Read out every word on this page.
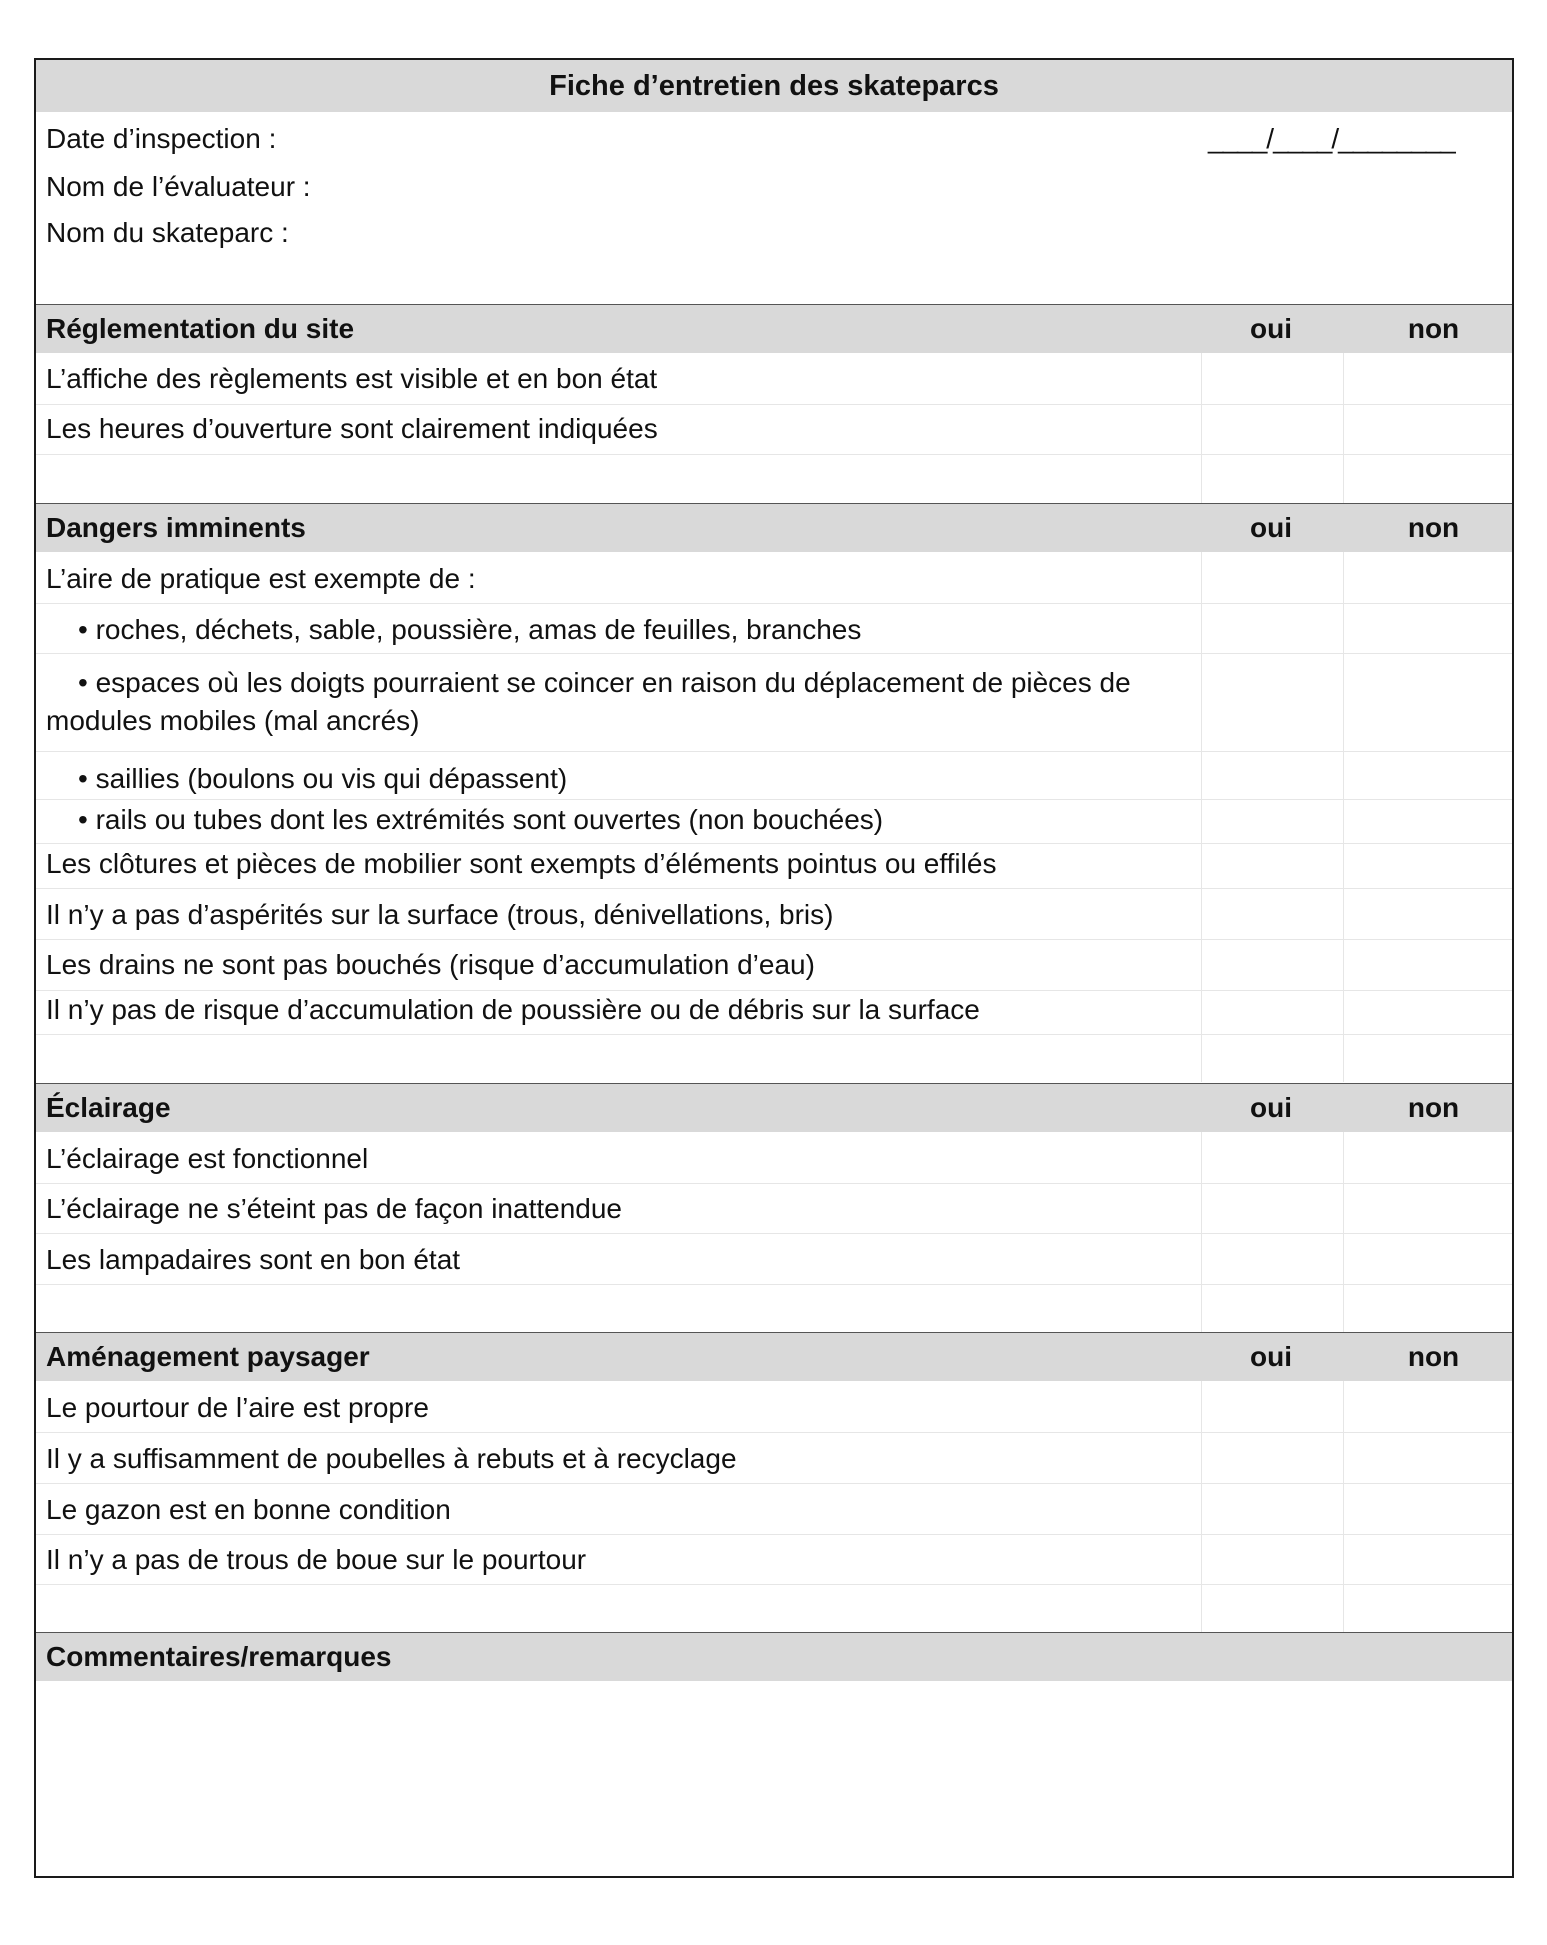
Fiche d’entretien des skateparcs
Date d’inspection :	____/____/________
Nom de l’évaluateur :
Nom du skateparc :
Réglementation du site	oui	non
L’affiche des règlements est visible et en bon état
Les heures d’ouverture sont clairement indiquées
Dangers imminents	oui	non
L’aire de pratique est exempte de :
• roches, déchets, sable, poussière, amas de feuilles, branches
• espaces où les doigts pourraient se coincer en raison du déplacement de pièces de modules mobiles (mal ancrés)
• saillies (boulons ou vis qui dépassent)
• rails ou tubes dont les extrémités sont ouvertes (non bouchées)
Les clôtures et pièces de mobilier sont exempts d’éléments pointus ou effilés
Il n’y a pas d’aspérités sur la surface (trous, dénivellations, bris)
Les drains ne sont pas bouchés (risque d’accumulation d’eau)
Il n’y pas de risque d’accumulation de poussière ou de débris sur la surface
Éclairage	oui	non
L’éclairage est fonctionnel
L’éclairage ne s’éteint pas de façon inattendue
Les lampadaires sont en bon état
Aménagement paysager	oui	non
Le pourtour de l’aire est propre
Il y a suffisamment de poubelles à rebuts et à recyclage
Le gazon est en bonne condition
Il n’y a pas de trous de boue sur le pourtour
Commentaires/remarques
